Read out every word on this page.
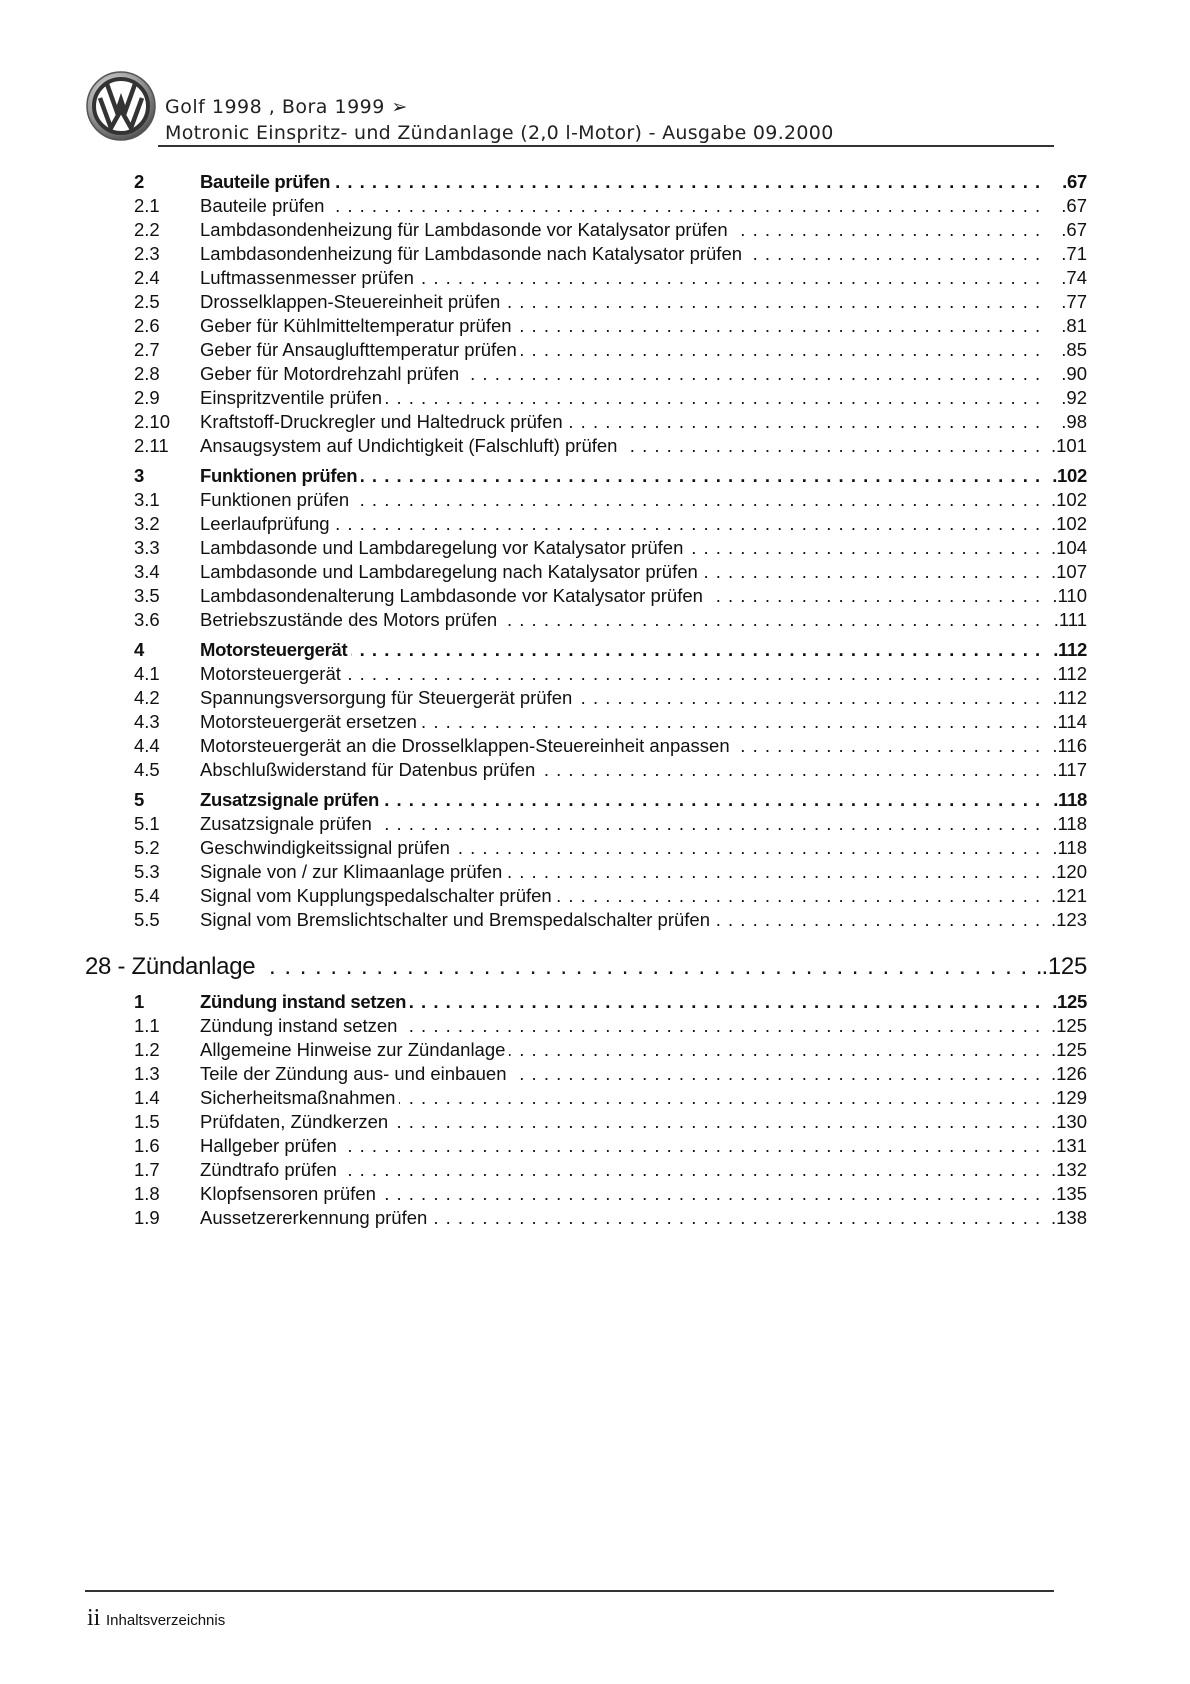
Golf 1998 , Bora 1999 ➢
Motronic Einspritz- und Zündanlage (2,0 l-Motor) - Ausgabe 09.2000
2	Bauteile prüfen . . .	.67
2.1 Bauteile prüfen . . .	.67
2.2 Lambdasondenheizung für Lambdasonde vor Katalysator prüfen . . .	.67
2.3 Lambdasondenheizung für Lambdasonde nach Katalysator prüfen . . .	.71
2.4 Luftmassenmesser prüfen . . .	.74
2.5 Drosselklappen-Steuereinheit prüfen . . .	.77
2.6 Geber für Kühlmitteltemperatur prüfen . . .	.81
2.7 Geber für Ansauglufttemperatur prüfen . . .	.85
2.8 Geber für Motordrehzahl prüfen . . .	.90
2.9 Einspritzventile prüfen . . .	.92
2.10 Kraftstoff-Druckregler und Haltedruck prüfen . . .	.98
2.11 Ansaugsystem auf Undichtigkeit (Falschluft) prüfen . . .	.101
3	Funktionen prüfen . . .	.102
3.1 Funktionen prüfen . . .	.102
3.2 Leerlaufprüfung . . .	.102
3.3 Lambdasonde und Lambdaregelung vor Katalysator prüfen . . .	.104
3.4 Lambdasonde und Lambdaregelung nach Katalysator prüfen . . .	.107
3.5 Lambdasondenalterung Lambdasonde vor Katalysator prüfen . . .	.110
3.6 Betriebszustände des Motors prüfen . . .	.111
4	Motorsteuergerät . . .	.112
4.1 Motorsteuergerät . . .	.112
4.2 Spannungsversorgung für Steuergerät prüfen . . .	.112
4.3 Motorsteuergerät ersetzen . . .	.114
4.4 Motorsteuergerät an die Drosselklappen-Steuereinheit anpassen . . .	.116
4.5 Abschlußwiderstand für Datenbus prüfen . . .	.117
5	Zusatzsignale prüfen . . .	.118
5.1 Zusatzsignale prüfen . . .	.118
5.2 Geschwindigkeitssignal prüfen . . .	.118
5.3 Signale von / zur Klimaanlage prüfen . . .	.120
5.4 Signal vom Kupplungspedalschalter prüfen . . .	.121
5.5 Signal vom Bremslichtschalter und Bremspedalschalter prüfen . . .	.123
28 - Zündanlage . . .	.125
1	Zündung instand setzen . . .	.125
1.1 Zündung instand setzen . . .	.125
1.2 Allgemeine Hinweise zur Zündanlage . . .	.125
1.3 Teile der Zündung aus- und einbauen . . .	.126
1.4 Sicherheitsmaßnahmen . . .	.129
1.5 Prüfdaten, Zündkerzen . . .	.130
1.6 Hallgeber prüfen . . .	.131
1.7 Zündtrafo prüfen . . .	.132
1.8 Klopfsensoren prüfen . . .	.135
1.9 Aussetzererkennung prüfen . . .	.138
ii Inhaltsverzeichnis
